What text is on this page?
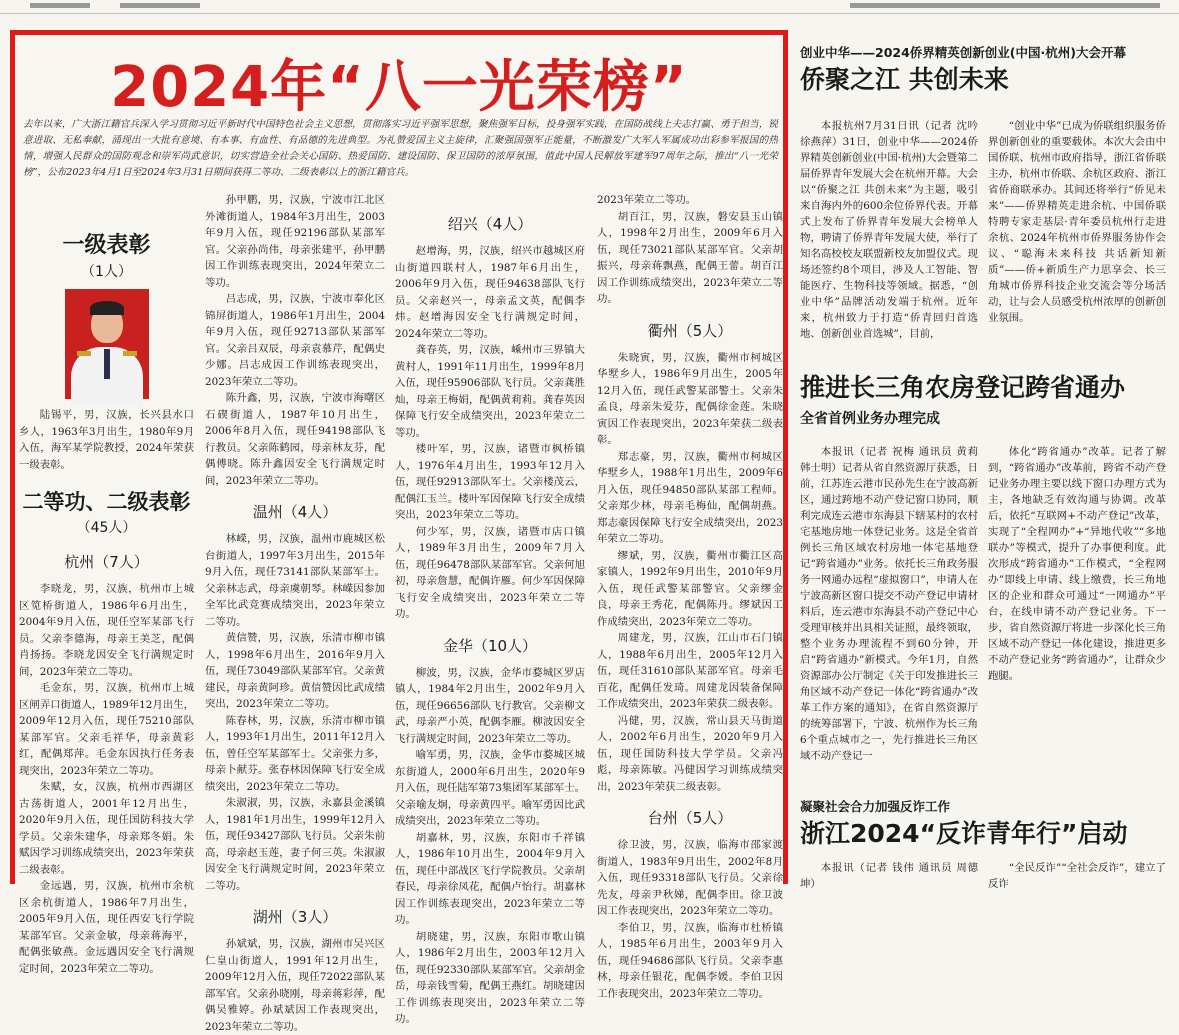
2024年“八一光荣榜”
去年以来，广大浙江籍官兵深入学习贯彻习近平新时代中国特色社会主义思想，贯彻落实习近平强军思想，聚焦强军目标，投身强军实践，在国防战线上夫志打赢、勇于担当，锐意进取、无私奉献，涌现出一大批有意境、有本事、有血性、有品德的先进典型。为礼赞爱国主义主旋律，汇聚强国强军正能量，不断激发广大军人军属成功出彩参军报国的热情，增强人民群众的国防观念和崇军尚武意识，切实营造全社会关心国防、热爱国防、建设国防、保卫国防的浓厚氛围，值此中国人民解放军建军97周年之际，推出“八一光荣榜”，公布2023年4月1日至2024年3月31日期间获得二等功、二级表彰以上的浙江籍官兵。
一级表彰
（1人）

陆锡平，男，汉族，长兴县水口乡人，1963年3月出生，1980年9月入伍，海军某学院教授，2024年荣获一级表彰。

二等功、二级表彰
（45人）
杭州（7人）

李晓龙，男，汉族，杭州市上城区笕桥街道人，1986年6月出生，2004年9月入伍，现任空军某部飞行员。父亲李德海，母亲王美芝，配偶肖扬扬。李晓龙因安全飞行满规定时间，2023年荣立二等功。

毛金东，男，汉族，杭州市上城区闸弄口街道人，1989年12月出生，2009年12月入伍，现任75210部队某部军官。父亲毛祥华，母亲黄彩红，配偶郑萍。毛金东因执行任务表现突出，2023年荣立二等功。

朱赋，女，汉族，杭州市西湖区古荡街道人，2001年12月出生，2020年9月入伍，现任国防科技大学学员。父亲朱建华，母亲郑冬娟。朱赋因学习训练成绩突出，2023年荣获二级表彰。

金远遇，男，汉族，杭州市余杭区余杭街道人，1986年7月出生，2005年9月入伍，现任西安飞行学院某部军官。父亲金敏，母亲蒋海平，配偶张敏燕。金远遇因安全飞行满规定时间，2023年荣立二等功。

孙甲鹏，男，汉族，宁波市江北区外滩街道人，1984年3月出生，2003年9月入伍，现任92196部队某部军官。父亲孙尚伟，母亲张建平，孙甲鹏因工作训练表现突出，2024年荣立二等功。

吕志成，男，汉族，宁波市奉化区锦屏街道人，1986年1月出生，2004年9月入伍，现任92713部队某部军官。父亲吕双辰，母亲袁慕芹，配偶史少娜。吕志成因工作训练表现突出，2023年荣立二等功。

陈升鑫，男，汉族，宁波市海曙区石碶街道人，1987年10月出生，2006年8月入伍，现任94198部队飞行教员。父亲陈鹤园，母亲林友芬，配偶傅晓。陈升鑫因安全飞行满规定时间，2023年荣立二等功。

温州（4人）

林嵘，男，汉族，温州市鹿城区松台街道人，1997年3月出生，2015年9月入伍，现任73141部队某部军士。父亲林志武，母亲虞朝琴。林嵘因参加全军比武竞赛成绩突出，2023年荣立二等功。

黄信赞，男，汉族，乐清市柳市镇人，1998年6月出生，2016年9月入伍，现任73049部队某部军官。父亲黄建民，母亲黄阿珍。黄信赞因比武成绩突出，2023年荣立二等功。

陈春林，男，汉族，乐清市柳市镇人，1993年1月出生，2011年12月入伍，曾任空军某部军士。父亲张力多，母亲卜献芬。张春林因保障飞行安全成绩突出，2023年荣立二等功。

朱淑淑，男，汉族，永嘉县金溪镇人，1981年1月出生，1999年12月入伍，现任93427部队飞行员。父亲朱前高，母亲赵玉莲，妻子何三英。朱淑淑因安全飞行满规定时间，2023年荣立二等功。

湖州（3人）

孙斌斌，男，汉族，湖州市吴兴区仁皇山街道人，1991年12月出生，2009年12月入伍，现任72022部队某部军官。父亲孙晓刚，母亲蒋彩萍，配偶吴雅婷。孙斌斌因工作表现突出，2023年荣立二等功。

绍兴（4人）

赵增海，男，汉族，绍兴市越城区府山街道四联村人，1987年6月出生，2006年9月入伍，现任94638部队飞行员。父亲赵兴一，母亲孟文英，配偶李炜。赵增海因安全飞行满规定时间，2024年荣立二等功。

龚春英，男，汉族，嵊州市三界镇大黄村人，1991年11月出生，1999年8月入伍，现任95906部队飞行员。父亲龚胜灿，母亲王梅娟，配偶黄莉莉。龚春英因保障飞行安全成绩突出，2023年荣立二等功。

楼叶军，男，汉族，诸暨市枫桥镇人，1976年4月出生，1993年12月入伍，现任92913部队军士。父亲楼茂云，配偶江玉兰。楼叶军因保障飞行安全成绩突出，2023年荣立二等功。

何少军，男，汉族，诸暨市店口镇人，1989年3月出生，2009年7月入伍，现任96478部队某部军官。父亲何旭初，母亲詹慧，配偶许雁。何少军因保障飞行安全成绩突出，2023年荣立二等功。

金华（10人）

柳波，男，汉族，金华市婺城区罗店镇人，1984年2月出生，2002年9月入伍，现任96656部队飞行教官。父亲柳文武，母亲严小英，配偶李雁。柳波因安全飞行满规定时间，2023年荣立二等功。

喻军勇，男，汉族，金华市婺城区城东街道人，2000年6月出生，2020年9月入伍，现任陆军第73集团军某部军士。父亲喻友炯，母亲黄四平。喻军勇因比武成绩突出，2023年荣立二等功。

胡嘉林，男，汉族，东阳市千祥镇人，1986年10月出生，2004年9月入伍，现任中部战区飞行学院教员。父亲胡春民，母亲徐凤花，配偶卢怡行。胡嘉林因工作训练表现突出，2023年荣立二等功。

胡晓建，男，汉族，东阳市歌山镇人，1986年2月出生，2003年12月入伍，现任92330部队某部军官。父亲胡金岳，母亲钱雪菊，配偶王燕红。胡晓建因工作训练表现突出，2023年荣立二等功。

2023年荣立二等功。

胡百江，男，汉族，磐安县玉山镇人，1998年2月出生，2009年6月入伍，现任73021部队某部军官。父亲胡振兴，母亲蒋飘燕，配偶王蕾。胡百江因工作训练成绩突出，2023年荣立二等功。

衢州（5人）

朱晓寅，男，汉族，衢州市柯城区华墅乡人，1986年9月出生，2005年12月入伍，现任武警某部警士。父亲朱孟良，母亲朱爱芬，配偶徐金莲。朱晓寅因工作表现突出，2023年荣获二级表彰。

郑志豪，男，汉族，衢州市柯城区华墅乡人，1988年1月出生，2009年6月入伍，现任94850部队某部工程师。父亲郑少林，母亲毛梅仙，配偶胡燕。郑志豪因保障飞行安全成绩突出，2023年荣立二等功。

缪斌，男，汉族，衢州市衢江区高家镇人，1992年9月出生，2010年9月入伍，现任武警某部警官。父亲缪金良，母亲王秀花，配偶陈丹。缪斌因工作成绩突出，2023年荣立二等功。

周建龙，男，汉族，江山市石门镇人，1988年6月出生，2005年12月入伍，现任31610部队某部军官。母亲毛百花，配偶任发琦。周建龙因装备保障工作成绩突出，2023年荣获二级表彰。

冯健，男，汉族，常山县天马街道人，2002年6月出生，2020年9月入伍，现任国防科技大学学员。父亲冯彪，母亲陈敏。冯健因学习训练成绩突出，2023年荣获二级表彰。

台州（5人）

徐卫波，男，汉族，临海市邵家渡街道人，1983年9月出生，2002年8月入伍，现任93318部队飞行员。父亲徐先友，母亲尹秋娣，配偶李田。徐卫波因工作表现突出，2023年荣立二等功。

李伯卫，男，汉族，临海市杜桥镇人，1985年6月出生，2003年9月入伍，现任94686部队飞行员。父亲李惠林，母亲任银花，配偶李媛。李伯卫因工作表现突出，2023年荣立二等功。

创业中华——2024侨界精英创新创业(中国·杭州)大会开幕
侨聚之江 共创未来

本报杭州7月31日讯（记者 沈吟 徐燕萍）31日，创业中华——2024侨界精英创新创业(中国·杭州)大会暨第二届侨界青年发展大会在杭州开幕。大会以“侨聚之江 共创未来”为主题，吸引来自海内外的600余位侨界代表。开幕式上发布了侨界青年发展大会榜单人物，聘请了侨界青年发展大使，举行了知名高校校友联盟新校友加盟仪式。现场还签约8个项目，涉及人工智能、智能医疗、生物科技等领域。据悉，“创业中华”品牌活动发端于杭州。近年来，杭州致力于打造“侨青回归首选地、创新创业首选城”，目前，

“创业中华”已成为侨联组织服务侨界创新创业的重要载体。本次大会由中国侨联、杭州市政府指导，浙江省侨联主办，杭州市侨联、余杭区政府、浙江省侨商联承办。其间还将举行“侨见未来”——侨界精英走进余杭、中国侨联特聘专家走基层·青年委员杭州行走进余杭、2024年杭州市侨界服务协作会议、“聪海未来科技 共话新知新质”——侨+新质生产力思享会、长三角城市侨界科技企业交流会等分场活动，让与会人员感受杭州浓厚的创新创业氛围。

推进长三角农房登记跨省通办
全省首例业务办理完成

本报讯（记者 祝梅 通讯员 黄莉 韩士明）记者从省自然资源厅获悉，日前，江苏连云港市民孙先生在宁波高新区，通过跨地不动产登记窗口协同，顺利完成连云港市东海县下辖某村的农村宅基地房地一体登记业务。这是全省首例长三角区域农村房地一体宅基地登记“跨省通办”业务。依托长三角政务服务一网通办远程“虚拟窗口”，申请人在宁波高新区窗口提交不动产登记申请材料后，连云港市东海县不动产登记中心受理审核并出具相关证照，最终领取，整个业务办理流程不到60分钟，开启“跨省通办”新模式。今年1月，自然资源部办公厅制定《关于印发推进长三角区域不动产登记一体化“跨省通办”改革工作方案的通知》，在省自然资源厅的统筹部署下，宁波、杭州作为长三角6个重点城市之一，先行推进长三角区域不动产登记一

体化“跨省通办”改革。记者了解到，“跨省通办”改革前，跨省不动产登记业务办理主要以线下窗口办理方式为主，各地缺乏有效沟通与协调。改革后，依托“互联网+不动产登记”改革，实现了“全程网办”+“异地代收”“多地联办”等模式，提升了办事便利度。此次形成“跨省通办”工作模式，“全程网办”即线上申请、线上缴费，长三角地区的企业和群众可通过“一网通办”平台，在线申请不动产登记业务。下一步，省自然资源厅将进一步深化长三角区域不动产登记一体化建设，推进更多不动产登记业务“跨省通办”，让群众少跑腿。

凝聚社会合力加强反诈工作
浙江2024“反诈青年行”启动

本报讯（记者 钱伟 通讯员 周德坤）

“全民反诈”“全社会反诈”，建立了反诈
